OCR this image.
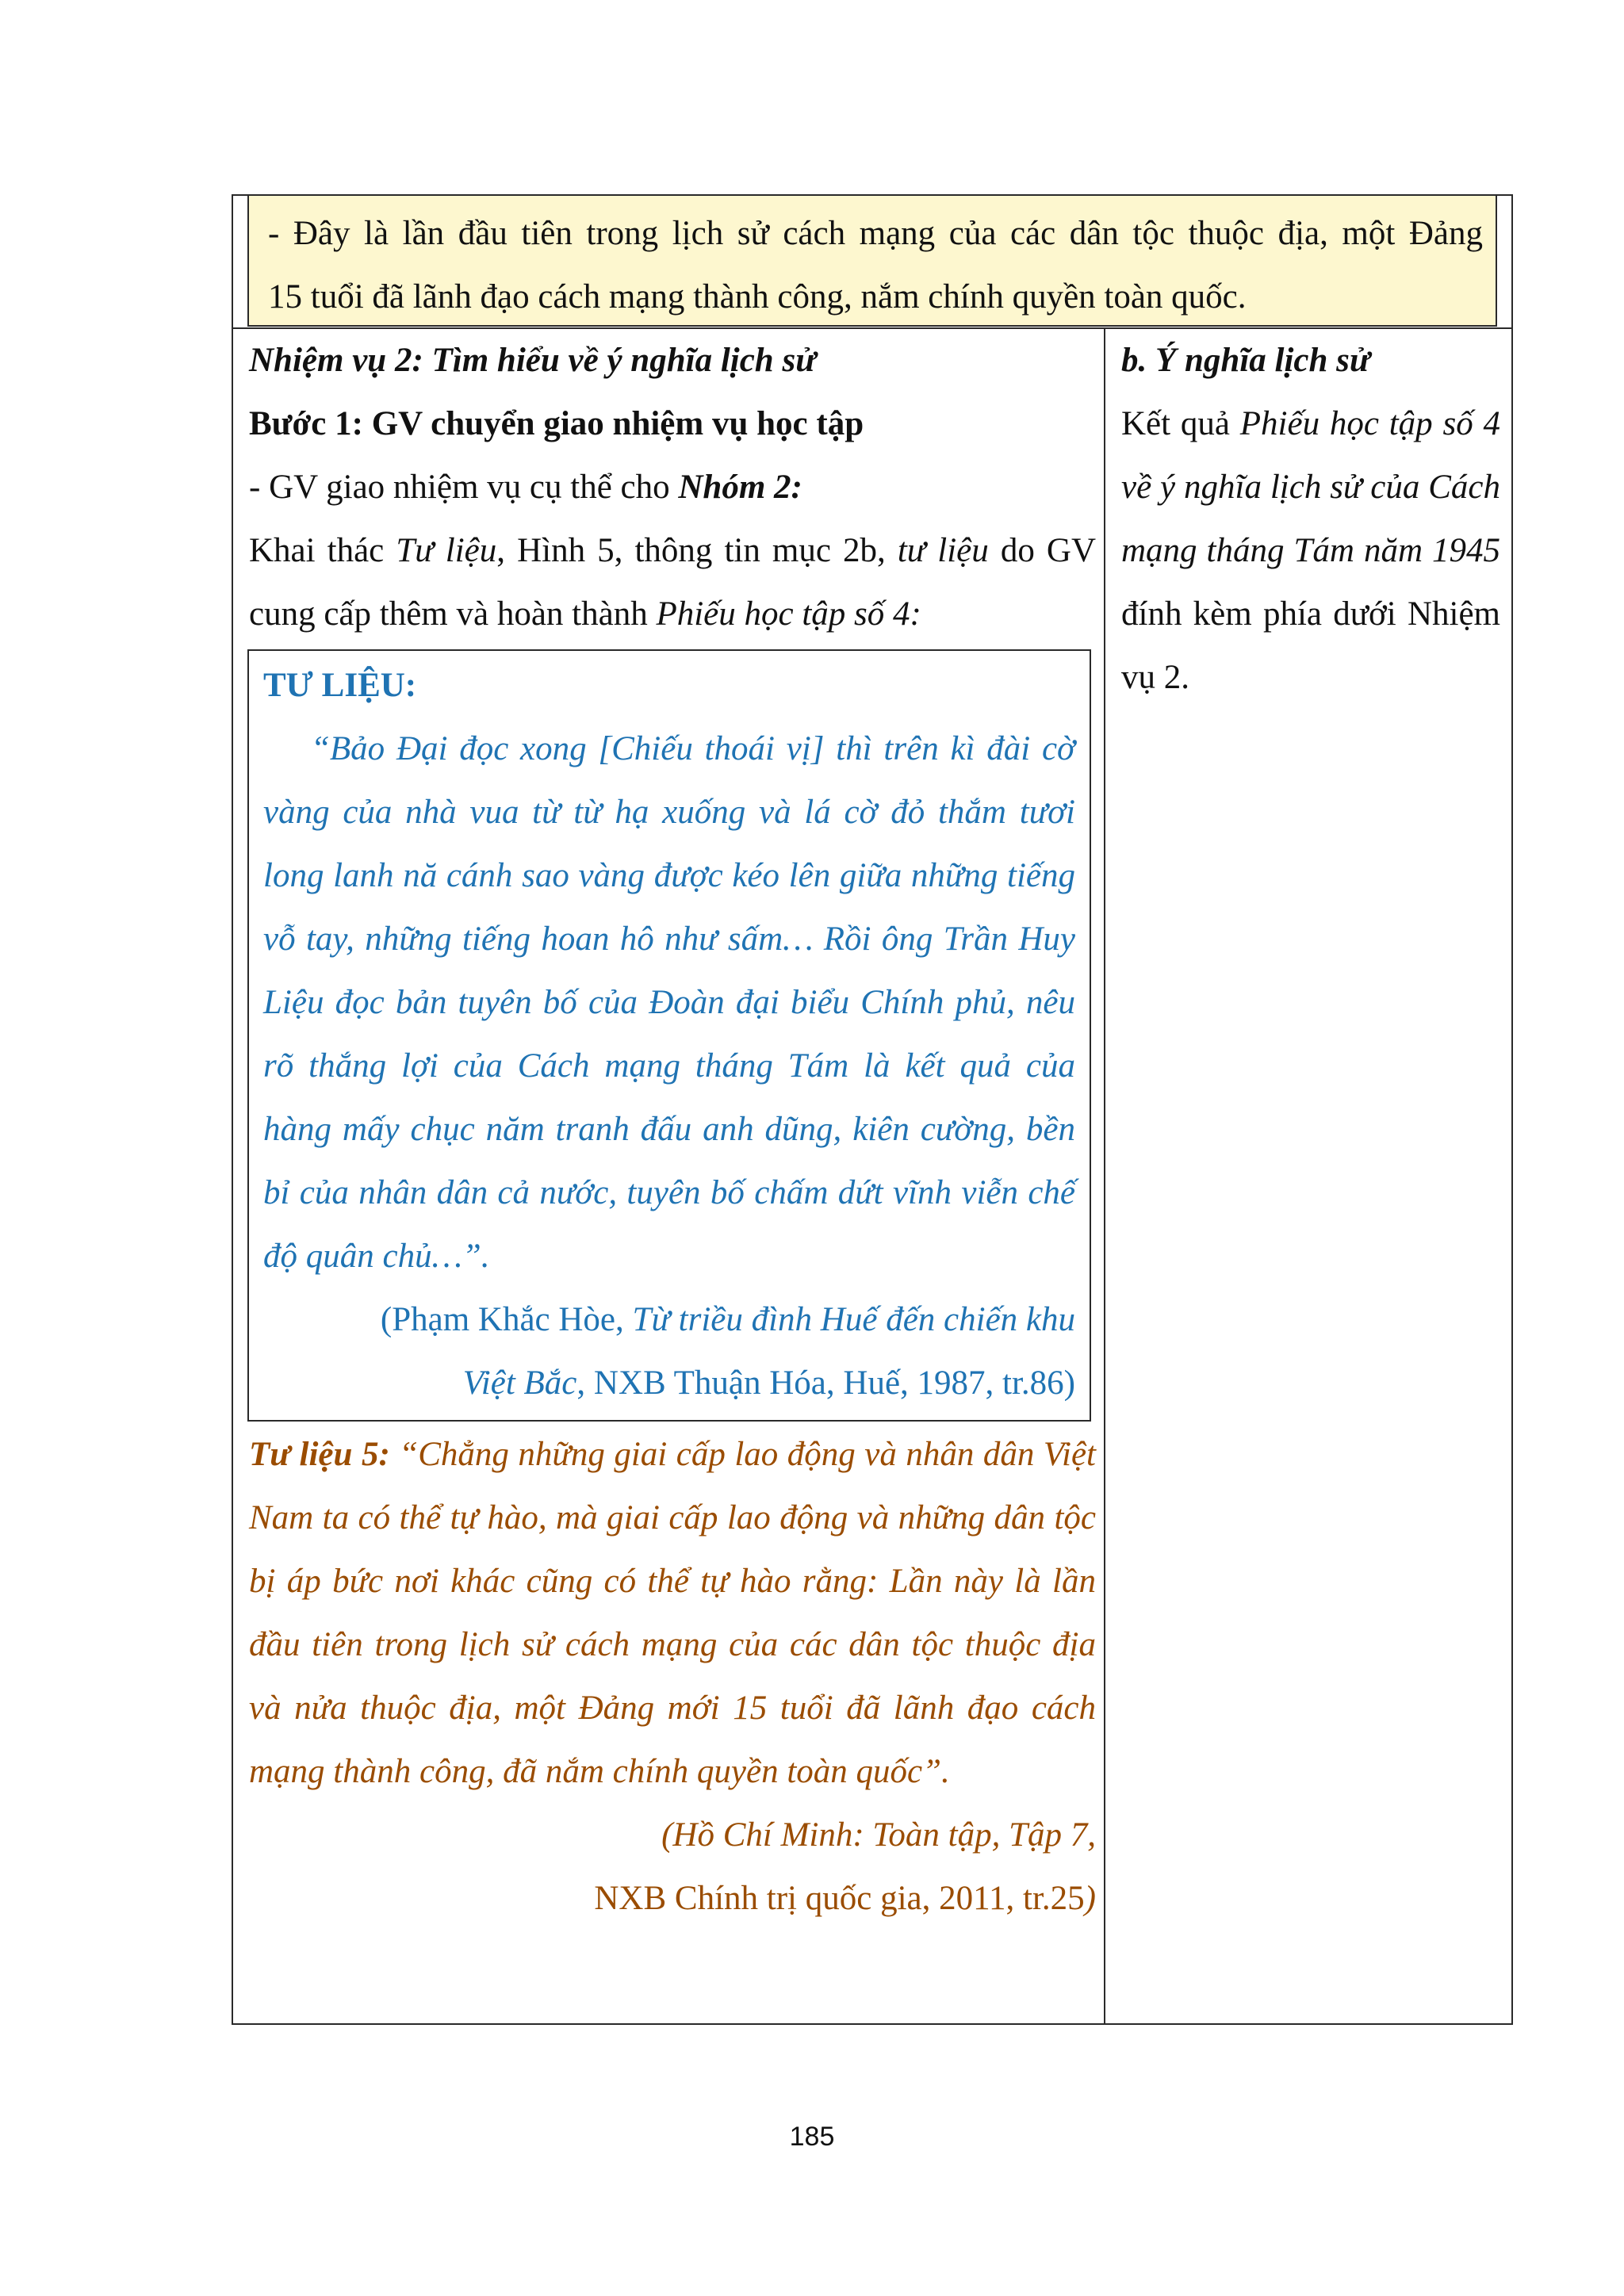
- Đây là lần đầu tiên trong lịch sử cách mạng của các dân tộc thuộc địa, một Đảng
15 tuổi đã lãnh đạo cách mạng thành công, nắm chính quyền toàn quốc.
Nhiệm vụ 2: Tìm hiểu về ý nghĩa lịch sử
Bước 1: GV chuyển giao nhiệm vụ học tập
- GV giao nhiệm vụ cụ thể cho Nhóm 2:
Khai thác Tư liệu, Hình 5, thông tin mục 2b, tư liệu do GV cung cấp thêm và hoàn thành Phiếu học tập số 4:
TƯ LIỆU:
“Bảo Đại đọc xong [Chiếu thoái vị] thì trên kì đài cờ vàng của nhà vua từ từ hạ xuống và lá cờ đỏ thắm tươi long lanh nă cánh sao vàng được kéo lên giữa những tiếng vỗ tay, những tiếng hoan hô như sấm… Rồi ông Trần Huy Liệu đọc bản tuyên bố của Đoàn đại biểu Chính phủ, nêu rõ thắng lợi của Cách mạng tháng Tám là kết quả của hàng mấy chục năm tranh đấu anh dũng, kiên cường, bền bỉ của nhân dân cả nước, tuyên bố chấm dứt vĩnh viễn chế độ quân chủ…”.
(Phạm Khắc Hòe, Từ triều đình Huế đến chiến khu
Việt Bắc, NXB Thuận Hóa, Huế, 1987, tr.86)
Tư liệu 5: “Chẳng những giai cấp lao động và nhân dân Việt Nam ta có thể tự hào, mà giai cấp lao động và những dân tộc bị áp bức nơi khác cũng có thể tự hào rằng: Lần này là lần đầu tiên trong lịch sử cách mạng của các dân tộc thuộc địa và nửa thuộc địa, một Đảng mới 15 tuổi đã lãnh đạo cách mạng thành công, đã nắm chính quyền toàn quốc”.
(Hồ Chí Minh: Toàn tập, Tập 7,
NXB Chính trị quốc gia, 2011, tr.25)
b. Ý nghĩa lịch sử
Kết quả Phiếu học tập số 4 về ý nghĩa lịch sử của Cách mạng tháng Tám năm 1945 đính kèm phía dưới Nhiệm vụ 2.
185
